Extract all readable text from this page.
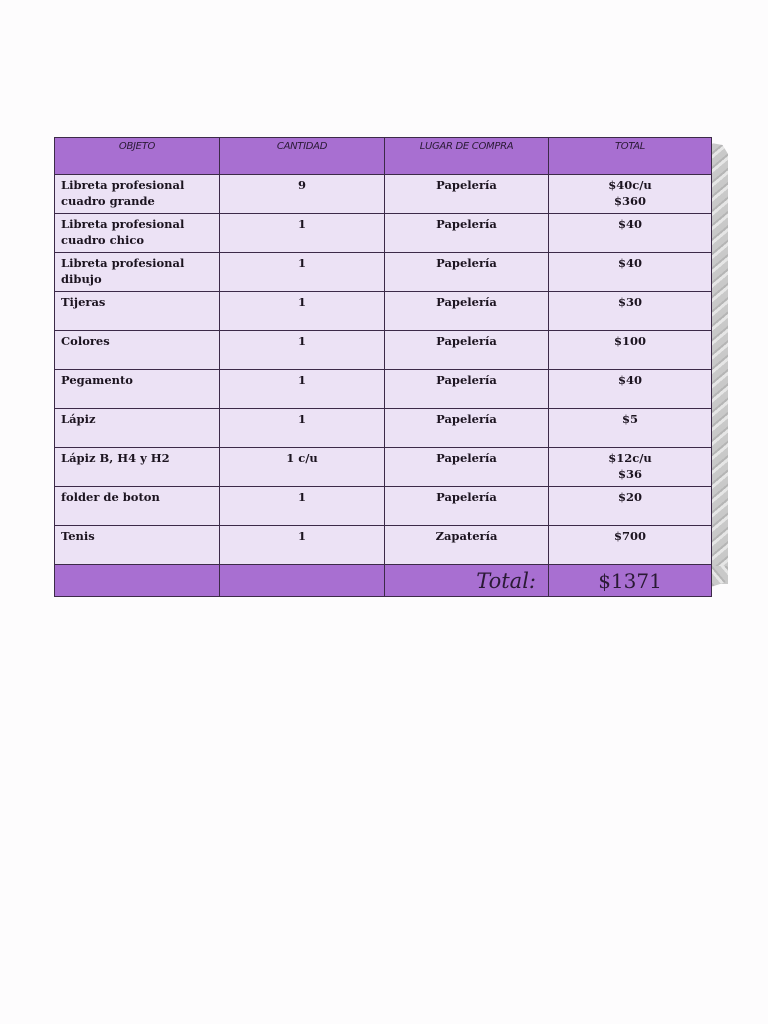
OBJETO	CANTIDAD	LUGAR DE COMPRA	TOTAL
Libreta profesional cuadro grande	9	Papelería	$40c/u $360
Libreta profesional cuadro chico	1	Papelería	$40
Libreta profesional dibujo	1	Papelería	$40
Tijeras	1	Papelería	$30
Colores	1	Papelería	$100
Pegamento	1	Papelería	$40
Lápiz	1	Papelería	$5
Lápiz B, H4 y H2	1 c/u	Papelería	$12c/u $36
folder de boton	1	Papelería	$20
Tenis	1	Zapatería	$700
		Total:	$1371
